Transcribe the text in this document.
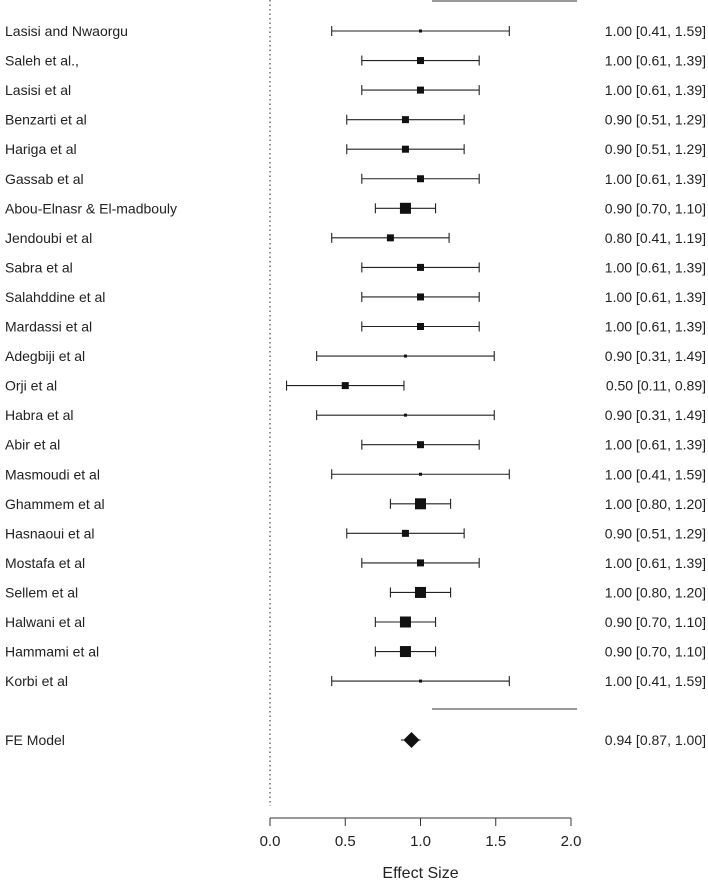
Lasisi and Nwaorgu	1.00 [0.41, 1.59]
Saleh et al.,	1.00 [0.61, 1.39]
Lasisi et al	1.00 [0.61, 1.39]
Benzarti et al	0.90 [0.51, 1.29]
Hariga et al	0.90 [0.51, 1.29]
Gassab et al	1.00 [0.61, 1.39]
Abou-Elnasr & El-madbouly	0.90 [0.70, 1.10]
Jendoubi et al	0.80 [0.41, 1.19]
Sabra et al	1.00 [0.61, 1.39]
Salahddine et al	1.00 [0.61, 1.39]
Mardassi et al	1.00 [0.61, 1.39]
Adegbiji et al	0.90 [0.31, 1.49]
Orji et al	0.50 [0.11, 0.89]
Habra et al	0.90 [0.31, 1.49]
Abir et al	1.00 [0.61, 1.39]
Masmoudi et al	1.00 [0.41, 1.59]
Ghammem et al	1.00 [0.80, 1.20]
Hasnaoui et al	0.90 [0.51, 1.29]
Mostafa et al	1.00 [0.61, 1.39]
Sellem et al	1.00 [0.80, 1.20]
Halwani et al	0.90 [0.70, 1.10]
Hammami et al	0.90 [0.70, 1.10]
Korbi et al	1.00 [0.41, 1.59]
FE Model	0.94 [0.87, 1.00]
0.0	0.5	1.0	1.5	2.0
Effect Size
